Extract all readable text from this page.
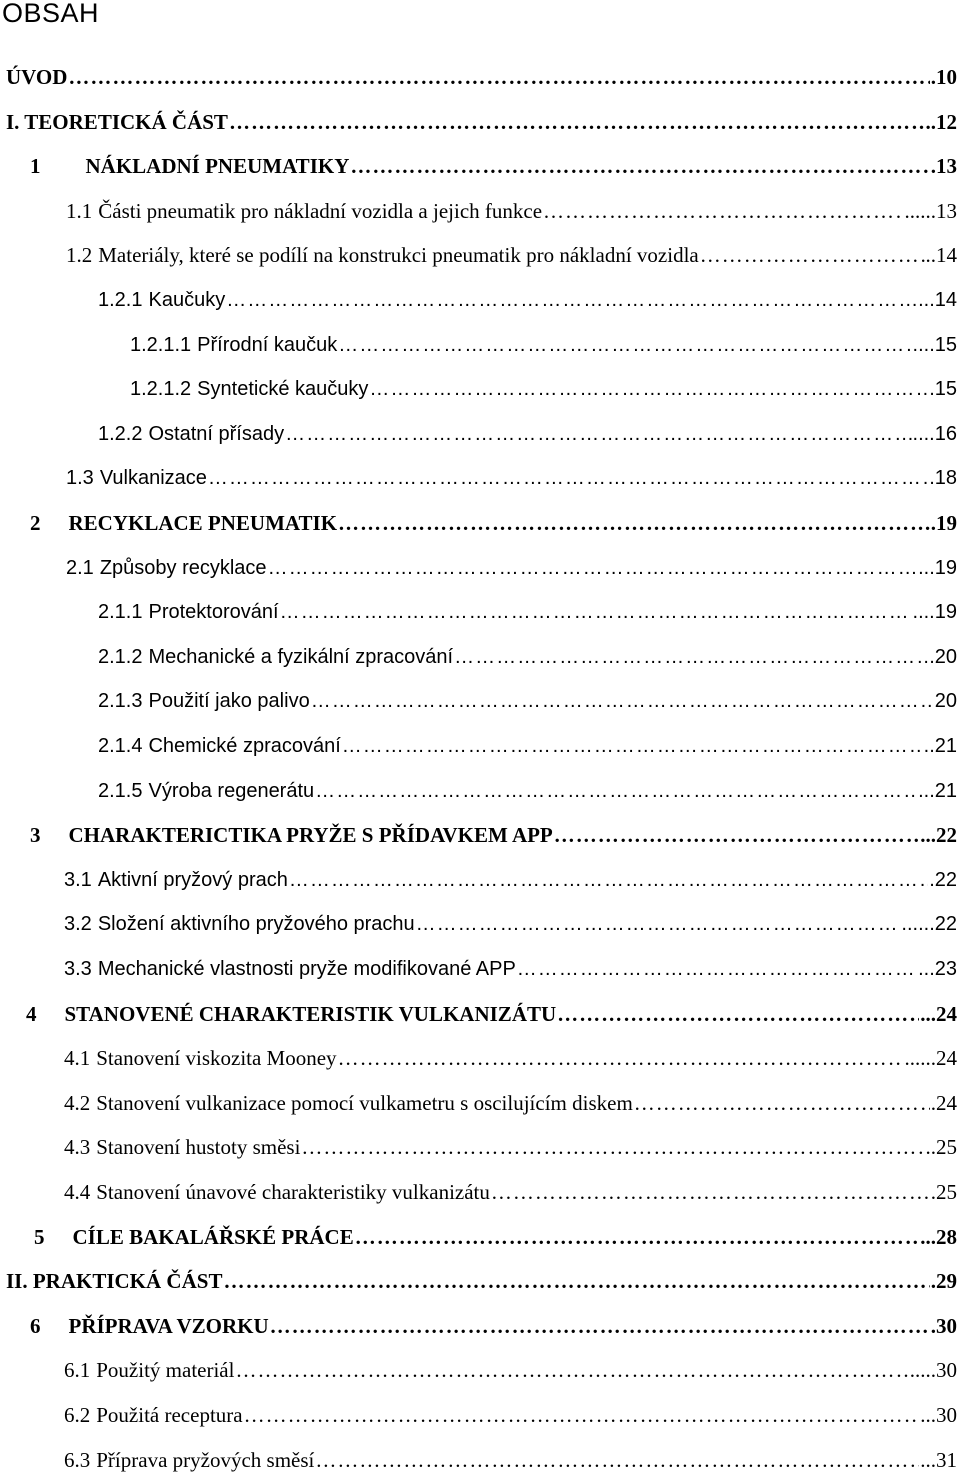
OBSAH
ÚVOD ………………………………………………………………………………………………………………………………………………	.10
I. TEORETICKÁ ČÁST ………………………………………………………………………………………………………………………………………………	..12
1 NÁKLADNÍ PNEUMATIKY ………………………………………………………………………………………………………………………………………………	.13
1.1 Části pneumatik pro nákladní vozidla a jejich funkce ………………………………………………………………………………………………………………………………………………	......13
1.2 Materiály, které se podílí na konstrukci pneumatik pro nákladní vozidla ………………………………………………………………………………………………………………………………………………	..14
1.2.1 Kaučuky ………………………………………………………………………………………………………………………………………………	...14
1.2.1.1 Přírodní kaučuk ………………………………………………………………………………………………………………………………………………	...15
1.2.1.2 Syntetické kaučuky ………………………………………………………………………………………………………………………………………………	.15
1.2.2 Ostatní přísady ………………………………………………………………………………………………………………………………………………	....16
1.3 Vulkanizace ………………………………………………………………………………………………………………………………………………	.18
2 RECYKLACE PNEUMATIK ………………………………………………………………………………………………………………………………………………	.19
2.1 Způsoby recyklace ………………………………………………………………………………………………………………………………………………	...19
2.1.1 Protektorování ………………………………………………………………………………………………………………………………………………	....19
2.1.2 Mechanické a fyzikální zpracování ………………………………………………………………………………………………………………………………………………	.20
2.1.3 Použití jako palivo ………………………………………………………………………………………………………………………………………………	20
2.1.4 Chemické zpracování ………………………………………………………………………………………………………………………………………………	..21
2.1.5 Výroba regenerátu ………………………………………………………………………………………………………………………………………………	...21
3 CHARAKTERICTIKA PRYŽE S PŘÍDAVKEM APP ………………………………………………………………………………………………………………………………………………	...22
3.1 Aktivní pryžový prach ………………………………………………………………………………………………………………………………………………	.22
3.2 Složení aktivního pryžového prachu ………………………………………………………………………………………………………………………………………………	......22
3.3 Mechanické vlastnosti pryže modifikované APP ………………………………………………………………………………………………………………………………………………	...23
4 STANOVENÉ CHARAKTERISTIK VULKANIZÁTU ………………………………………………………………………………………………………………………………………………	...24
4.1 Stanovení viskozita Mooney ………………………………………………………………………………………………………………………………………………	......24
4.2 Stanovení vulkanizace pomocí vulkametru s oscilujícím diskem ………………………………………………………………………………………………………………………………………………	.24
4.3 Stanovení hustoty směsi ………………………………………………………………………………………………………………………………………………	..25
4.4 Stanovení únavové charakteristiky vulkanizátu ………………………………………………………………………………………………………………………………………………	.25
5 CÍLE BAKALÁŘSKÉ PRÁCE ………………………………………………………………………………………………………………………………………………	...28
II. PRAKTICKÁ ČÁST ………………………………………………………………………………………………………………………………………………	.29
6 PŘÍPRAVA VZORKU ………………………………………………………………………………………………………………………………………………	.30
6.1 Použitý materiál ………………………………………………………………………………………………………………………………………………	.....30
6.2 Použitá receptura ………………………………………………………………………………………………………………………………………………	...30
6.3 Příprava pryžových směsí ………………………………………………………………………………………………………………………………………………	...31
